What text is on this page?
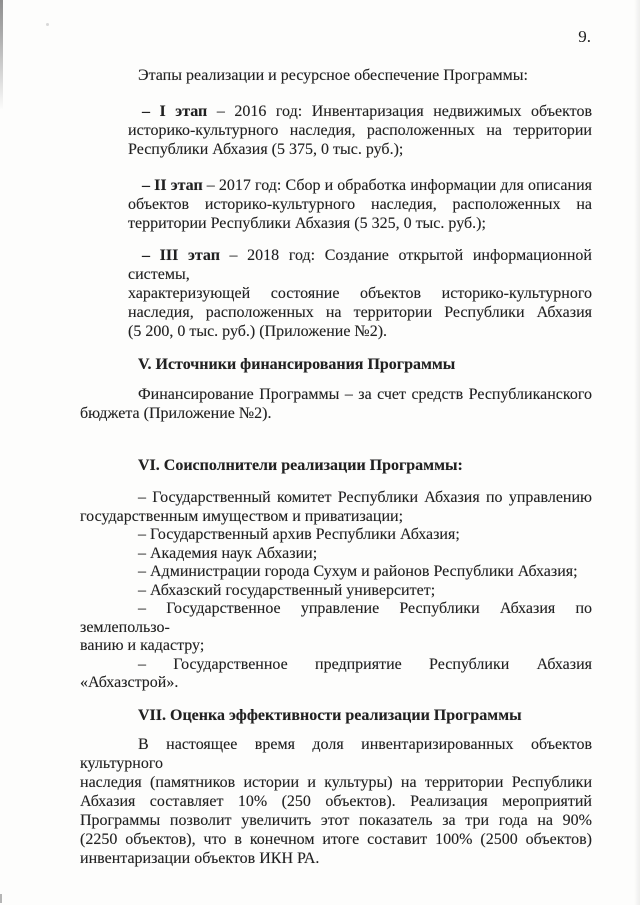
9.
Этапы реализации и ресурсное обеспечение Программы:
– I этап – 2016 год: Инвентаризация недвижимых объектов
историко-культурного наследия, расположенных на территории
Республики Абхазия (5 375, 0 тыс. руб.);
– II этап – 2017 год: Сбор и обработка информации для описания
объектов историко-культурного наследия, расположенных на
территории Республики Абхазия (5 325, 0 тыс. руб.);
– III этап – 2018 год: Создание открытой информационной системы,
характеризующей состояние объектов историко-культурного
наследия, расположенных на территории Республики Абхазия
(5 200, 0 тыс. руб.) (Приложение №2).
V. Источники финансирования Программы
Финансирование Программы – за счет средств Республиканского
бюджета (Приложение №2).
VI. Соисполнители реализации Программы:
– Государственный комитет Республики Абхазия по управлению
государственным имуществом и приватизации;
– Государственный архив Республики Абхазия;
– Академия наук Абхазии;
– Администрации города Сухум и районов Республики Абхазия;
– Абхазский государственный университет;
– Государственное управление Республики Абхазия по землепользо-
ванию и кадастру;
– Государственное предприятие Республики Абхазия «Абхазстрой».
VII. Оценка эффективности реализации Программы
В настоящее время доля инвентаризированных объектов культурного
наследия (памятников истории и культуры) на территории Республики
Абхазия составляет 10% (250 объектов). Реализация мероприятий
Программы позволит увеличить этот показатель за три года на 90%
(2250 объектов), что в конечном итоге составит 100% (2500 объектов)
инвентаризации объектов ИКН РА.
